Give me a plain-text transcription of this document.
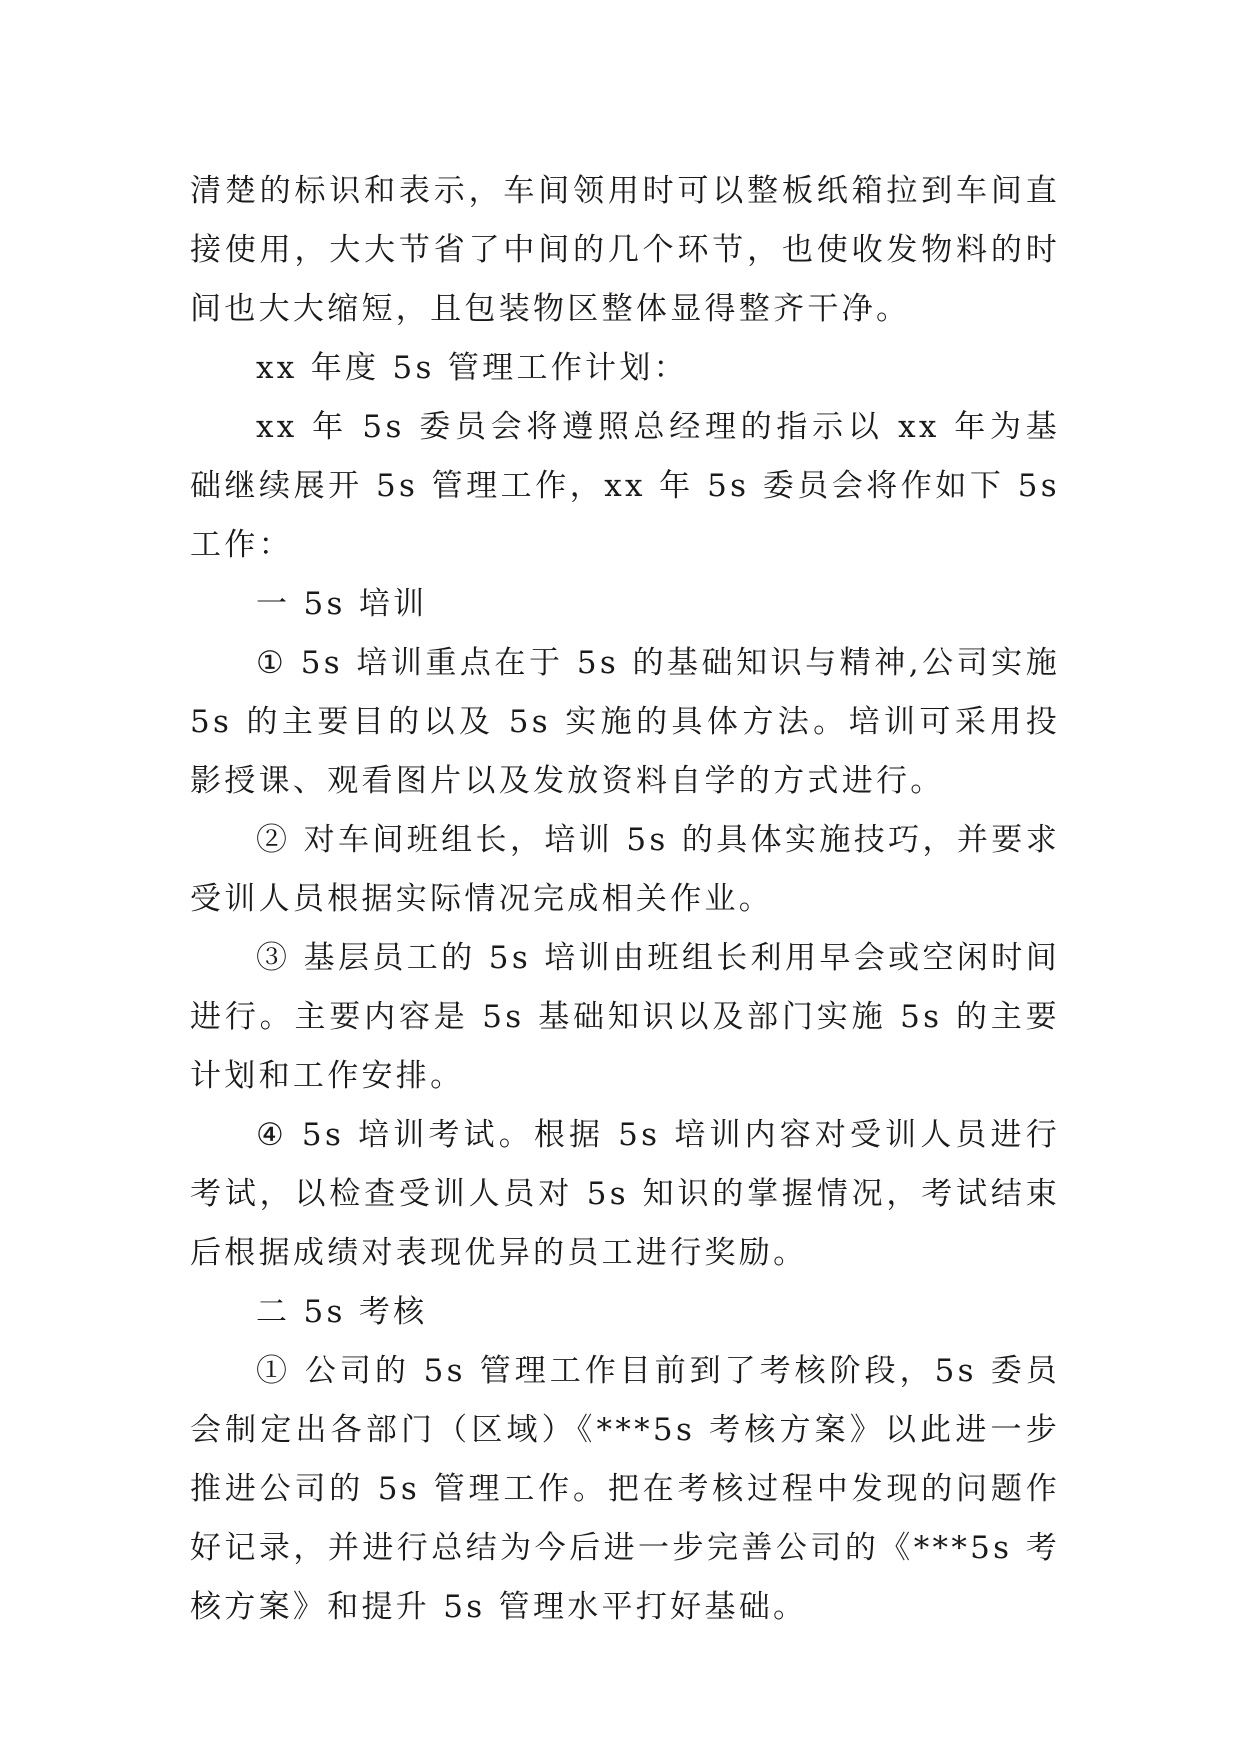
清楚的标识和表示，车间领用时可以整板纸箱拉到车间直接使用，大大节省了中间的几个环节，也使收发物料的时间也大大缩短，且包装物区整体显得整齐干净。

xx 年度 5s 管理工作计划：

xx 年 5s 委员会将遵照总经理的指示以 xx 年为基础继续展开 5s 管理工作，xx 年 5s 委员会将作如下 5s 工作：

一 5s 培训

① 5s 培训重点在于 5s 的基础知识与精神,公司实施 5s 的主要目的以及 5s 实施的具体方法。培训可采用投影授课、观看图片以及发放资料自学的方式进行。

② 对车间班组长，培训 5s 的具体实施技巧，并要求受训人员根据实际情况完成相关作业。

③ 基层员工的 5s 培训由班组长利用早会或空闲时间进行。主要内容是 5s 基础知识以及部门实施 5s 的主要计划和工作安排。

④ 5s 培训考试。根据 5s 培训内容对受训人员进行考试，以检查受训人员对 5s 知识的掌握情况，考试结束后根据成绩对表现优异的员工进行奖励。

二 5s 考核

① 公司的 5s 管理工作目前到了考核阶段，5s 委员会制定出各部门（区域）《***5s 考核方案》以此进一步推进公司的 5s 管理工作。把在考核过程中发现的问题作好记录，并进行总结为今后进一步完善公司的《***5s 考核方案》和提升 5s 管理水平打好基础。
